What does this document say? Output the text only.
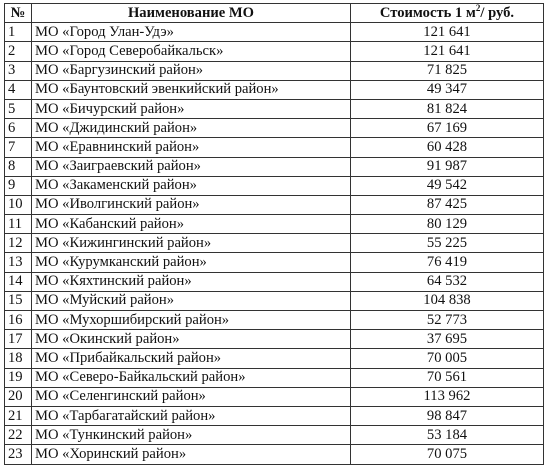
№	Наименование МО	Стоимость 1 $м^2/$ руб.
1	МО «Город Улан-Удэ»	121 641
2	МО «Город Северобайкальск»	121 641
3	МО «Баргузинский район»	71 825
4	МО «Баунтовский эвенкийский район»	49 347
5	МО «Бичурский район»	81 824
6	МО «Джидинский район»	67 169
7	МО «Еравнинский район»	60 428
8	МО «Заиграевский район»	91 987
9	МО «Закаменский район»	49 542
10	МО «Иволгинский район»	87 425
11	МО «Кабанский район»	80 129
12	МО «Кижингинский район»	55 225
13	МО «Курумканский район»	76 419
14	МО «Кяхтинский район»	64 532
15	МО «Муйский район»	104 838
16	МО «Мухоршибирский район»	52 773
17	МО «Окинский район»	37 695
18	МО «Прибайкальский район»	70 005
19	МО «Северо-Байкальский район»	70 561
20	МО «Селенгинский район»	113 962
21	МО «Тарбагатайский район»	98 847
22	МО «Тункинский район»	53 184
23	МО «Хоринский район»	70 075
